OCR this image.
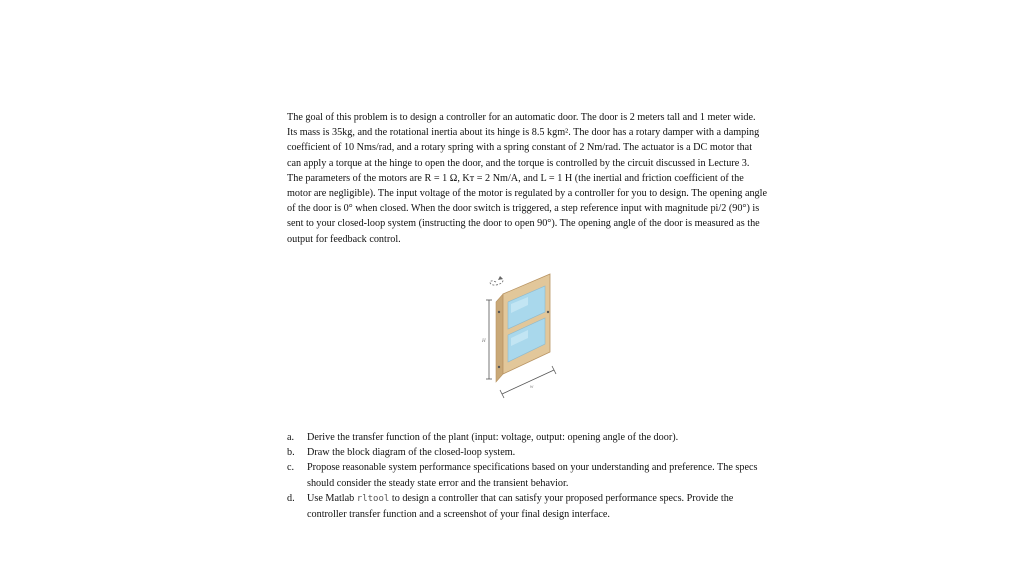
The goal of this problem is to design a controller for an automatic door. The door is 2 meters tall and 1 meter wide. Its mass is 35kg, and the rotational inertia about its hinge is 8.5 kgm². The door has a rotary damper with a damping coefficient of 10 Nms/rad, and a rotary spring with a spring constant of 2 Nm/rad. The actuator is a DC motor that can apply a torque at the hinge to open the door, and the torque is controlled by the circuit discussed in Lecture 3. The parameters of the motors are R = 1 Ω, Kᴛ = 2 Nm/A, and L = 1 H (the inertial and friction coefficient of the motor are negligible). The input voltage of the motor is regulated by a controller for you to design. The opening angle of the door is 0° when closed. When the door switch is triggered, a step reference input with magnitude pi/2 (90°) is sent to your closed-loop system (instructing the door to open 90°). The opening angle of the door is measured as the output for feedback control.

H
w
a.	Derive the transfer function of the plant (input: voltage, output: opening angle of the door).
b.	Draw the block diagram of the closed-loop system.
c.	Propose reasonable system performance specifications based on your understanding and preference. The specs should consider the steady state error and the transient behavior.
d.	Use Matlab rltool to design a controller that can satisfy your proposed performance specs. Provide the controller transfer function and a screenshot of your final design interface.
